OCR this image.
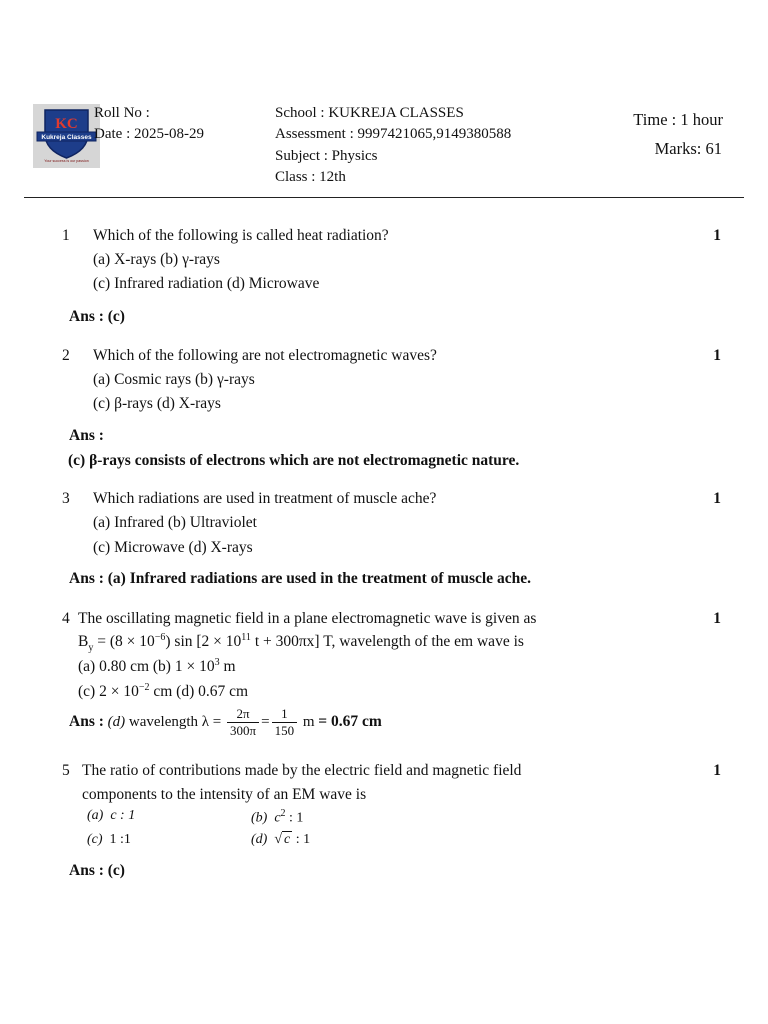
KC
Kukreja Classes
Your success is our passion
Roll No :
Date : 2025-08-29
School : KUKREJA CLASSES
Assessment : 9997421065,9149380588
Subject : Physics
Class : 12th
Time : 1 hour
Marks: 61
1 Which of the following is called heat radiation?	1
(a) X-rays (b) γ-rays
(c) Infrared radiation (d) Microwave
Ans : (c)
2 Which of the following are not electromagnetic waves?	1
(a) Cosmic rays (b) γ-rays
(c) β-rays (d) X-rays
Ans :
(c) β-rays consists of electrons which are not electromagnetic nature.
3 Which radiations are used in treatment of muscle ache?	1
(a) Infrared (b) Ultraviolet
(c) Microwave (d) X-rays
Ans : (a) Infrared radiations are used in the treatment of muscle ache.
4 The oscillating magnetic field in a plane electromagnetic wave is given as	1
$B_y = (8 \times 10^{-6})$ $\sin [2 \times 10^{11}$ t + 300πx] T, wavelength of the em wave is
(a) 0.80 cm (b) $1 \times 10^3$ m
(c) $2 \times 10^{-2}$ cm (d) 0.67 cm
Ans : (d) wavelength $\lambda = \frac{2\pi}{300\pi} = \frac{1}{150}$ m = 0.67 cm
5 The ratio of contributions made by the electric field and magnetic field	1
components to the intensity of an EM wave is
(a) c : 1	(b) $c^2$ : 1
(c) 1 :1	(d) √ c : 1
Ans : (c)
